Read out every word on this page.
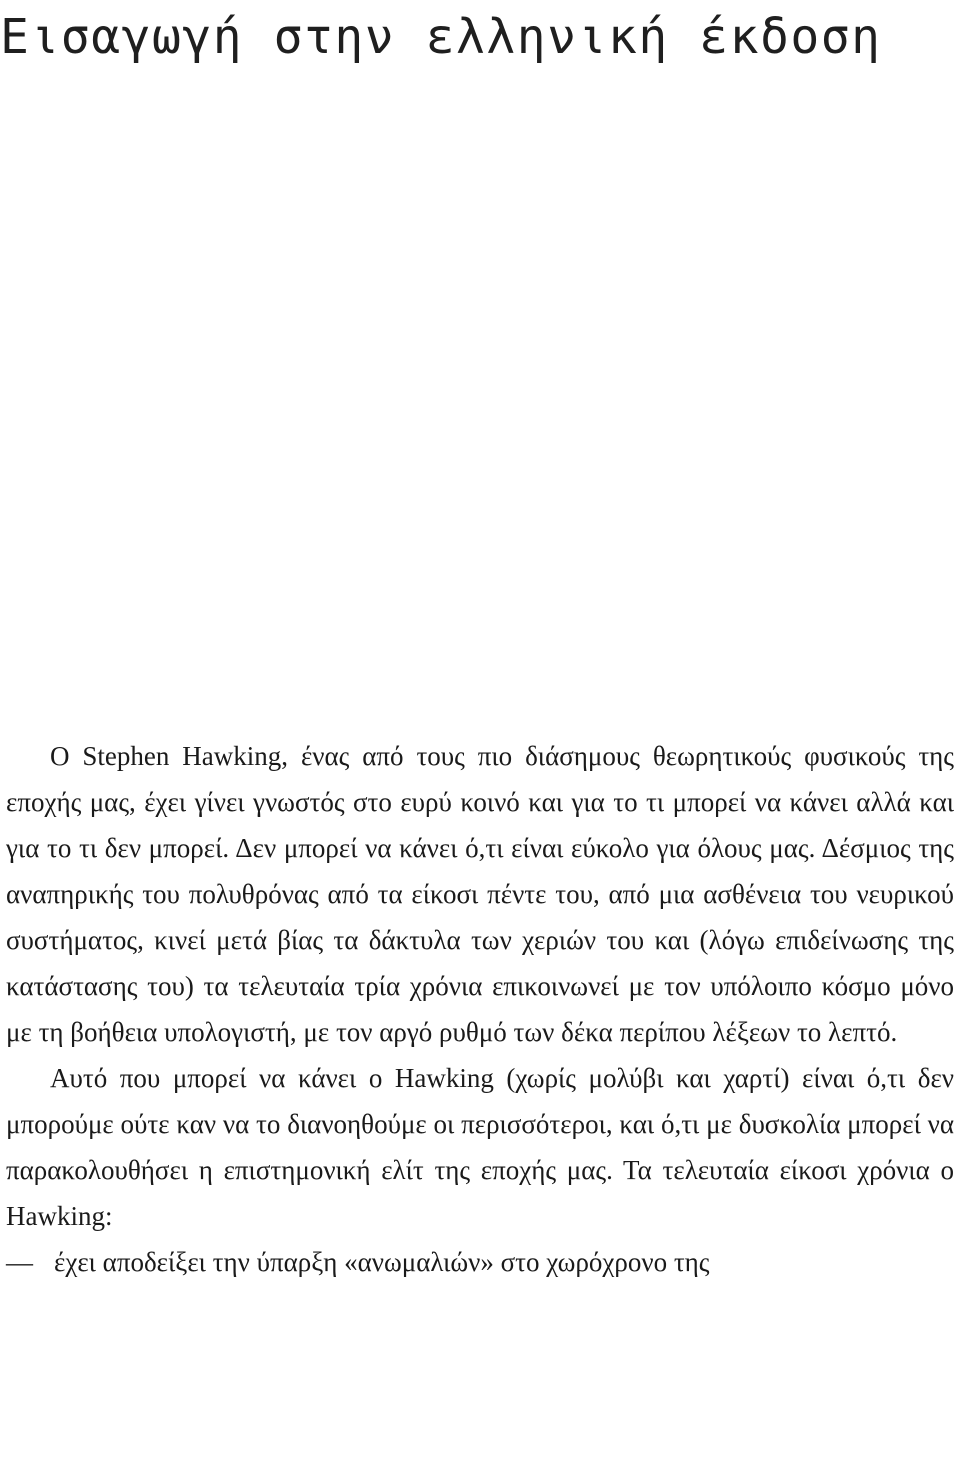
Εισαγωγή στην ελληνική έκδοση

Ο Stephen Hawking, ένας από τους πιο διάσημους θεωρητικούς φυσικούς της εποχής μας, έχει γίνει γνωστός στο ευρύ κοινό και για το τι μπορεί να κάνει αλλά και για το τι δεν μπορεί. Δεν μπορεί να κάνει ό,τι είναι εύκολο για όλους μας. Δέσμιος της αναπηρικής του πολυθρόνας από τα είκοσι πέντε του, από μια ασθένεια του νευρικού συστήματος, κινεί μετά βίας τα δάκτυλα των χεριών του και (λόγω επιδείνωσης της κατάστασης του) τα τελευταία τρία χρόνια επικοινωνεί με τον υπόλοιπο κόσμο μόνο με τη βοήθεια υπολογιστή, με τον αργό ρυθμό των δέκα περίπου λέξεων το λεπτό.

Αυτό που μπορεί να κάνει ο Hawking (χωρίς μολύβι και χαρτί) είναι ό,τι δεν μπορούμε ούτε καν να το διανοηθούμε οι περισσότεροι, και ό,τι με δυσκολία μπορεί να παρακολουθήσει η επιστημονική ελίτ της εποχής μας. Τα τελευταία είκοσι χρόνια ο Hawking:

— έχει αποδείξει την ύπαρξη «ανωμαλιών» στο χωρόχρονο της
